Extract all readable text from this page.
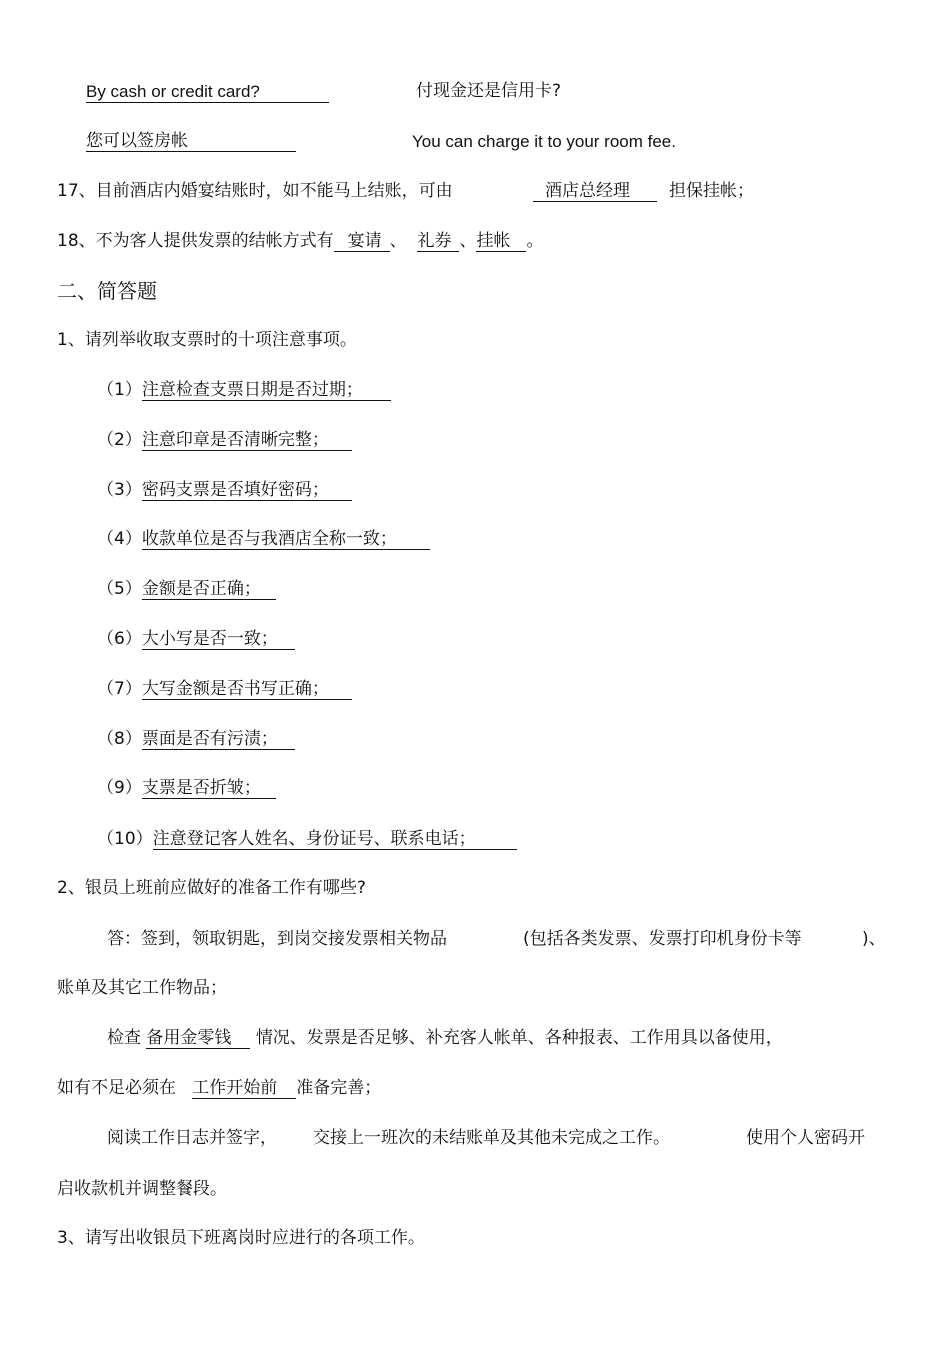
By cash or credit card?	付现金还是信用卡?
您可以签房帐	You can charge it to your room fee.
17、目前酒店内婚宴结账时，如不能马上结账，可由	酒店总经理	担保挂帐；
18、不为客人提供发票的结帐方式有 宴请 、 礼券 、挂帐 。
二、简答题
1、请列举收取支票时的十项注意事项。
（1）注意检查支票日期是否过期；
（2）注意印章是否清晰完整；
（3）密码支票是否填好密码；
（4）收款单位是否与我酒店全称一致；
（5）金额是否正确；
（6）大小写是否一致；
（7）大写金额是否书写正确；
（8）票面是否有污渍；
（9）支票是否折皱；
（10）注意登记客人姓名、身份证号、联系电话；
2、银员上班前应做好的准备工作有哪些?
答：签到，领取钥匙，到岗交接发票相关物品	(包括各类发票、发票打印机身份卡等	)、
账单及其它工作物品；
检查 备用金零钱 情况、发票是否足够、补充客人帐单、各种报表、工作用具以备使用，
如有不足必须在 工作开始前 准备完善；
阅读工作日志并签字， 交接上一班次的未结账单及其他未完成之工作。	使用个人密码开
启收款机并调整餐段。
3、请写出收银员下班离岗时应进行的各项工作。
